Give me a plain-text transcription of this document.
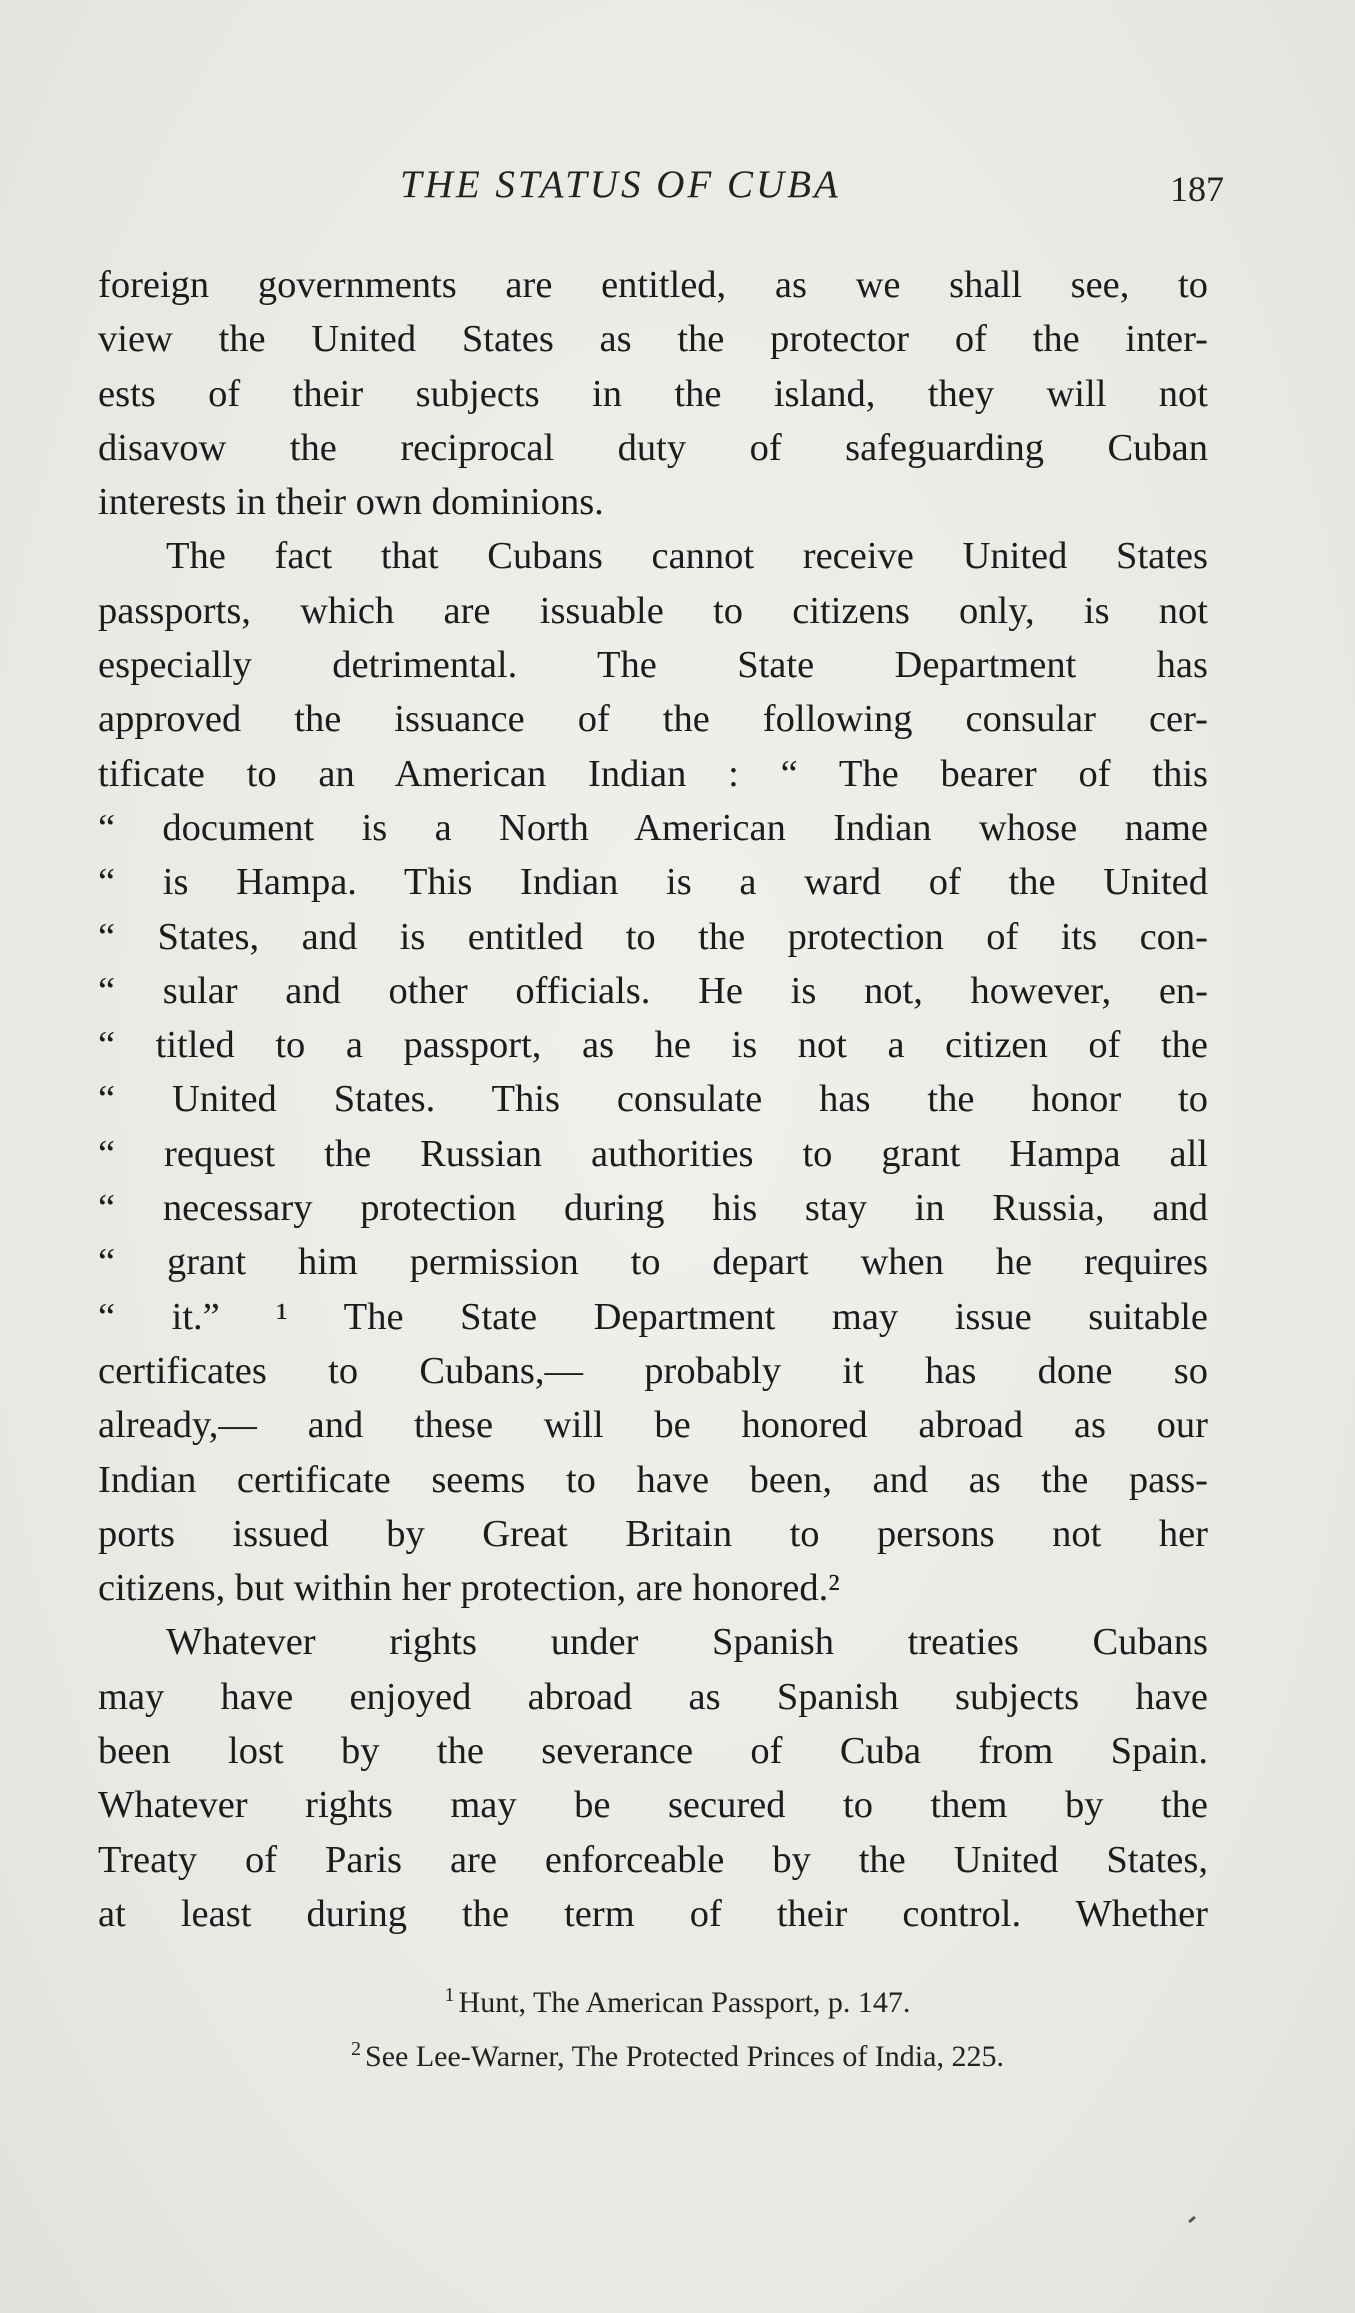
THE STATUS OF CUBA	187
foreign governments are entitled, as we shall see, to
view the United States as the protector of the inter-
ests of their subjects in the island, they will not
disavow the reciprocal duty of safeguarding Cuban
interests in their own dominions.
The fact that Cubans cannot receive United States
passports, which are issuable to citizens only, is not
especially detrimental. The State Department has
approved the issuance of the following consular cer-
tificate to an American Indian : “ The bearer of this
“ document is a North American Indian whose name
“ is Hampa. This Indian is a ward of the United
“ States, and is entitled to the protection of its con-
“ sular and other officials. He is not, however, en-
“ titled to a passport, as he is not a citizen of the
“ United States. This consulate has the honor to
“ request the Russian authorities to grant Hampa all
“ necessary protection during his stay in Russia, and
“ grant him permission to depart when he requires
“ it.” ¹ The State Department may issue suitable
certificates to Cubans,— probably it has done so
already,— and these will be honored abroad as our
Indian certificate seems to have been, and as the pass-
ports issued by Great Britain to persons not her
citizens, but within her protection, are honored.²
Whatever rights under Spanish treaties Cubans
may have enjoyed abroad as Spanish subjects have
been lost by the severance of Cuba from Spain.
Whatever rights may be secured to them by the
Treaty of Paris are enforceable by the United States,
at least during the term of their control. Whether
$^1$ Hunt, The American Passport, p. 147.
$^2$ See Lee-Warner, The Protected Princes of India, 225.
